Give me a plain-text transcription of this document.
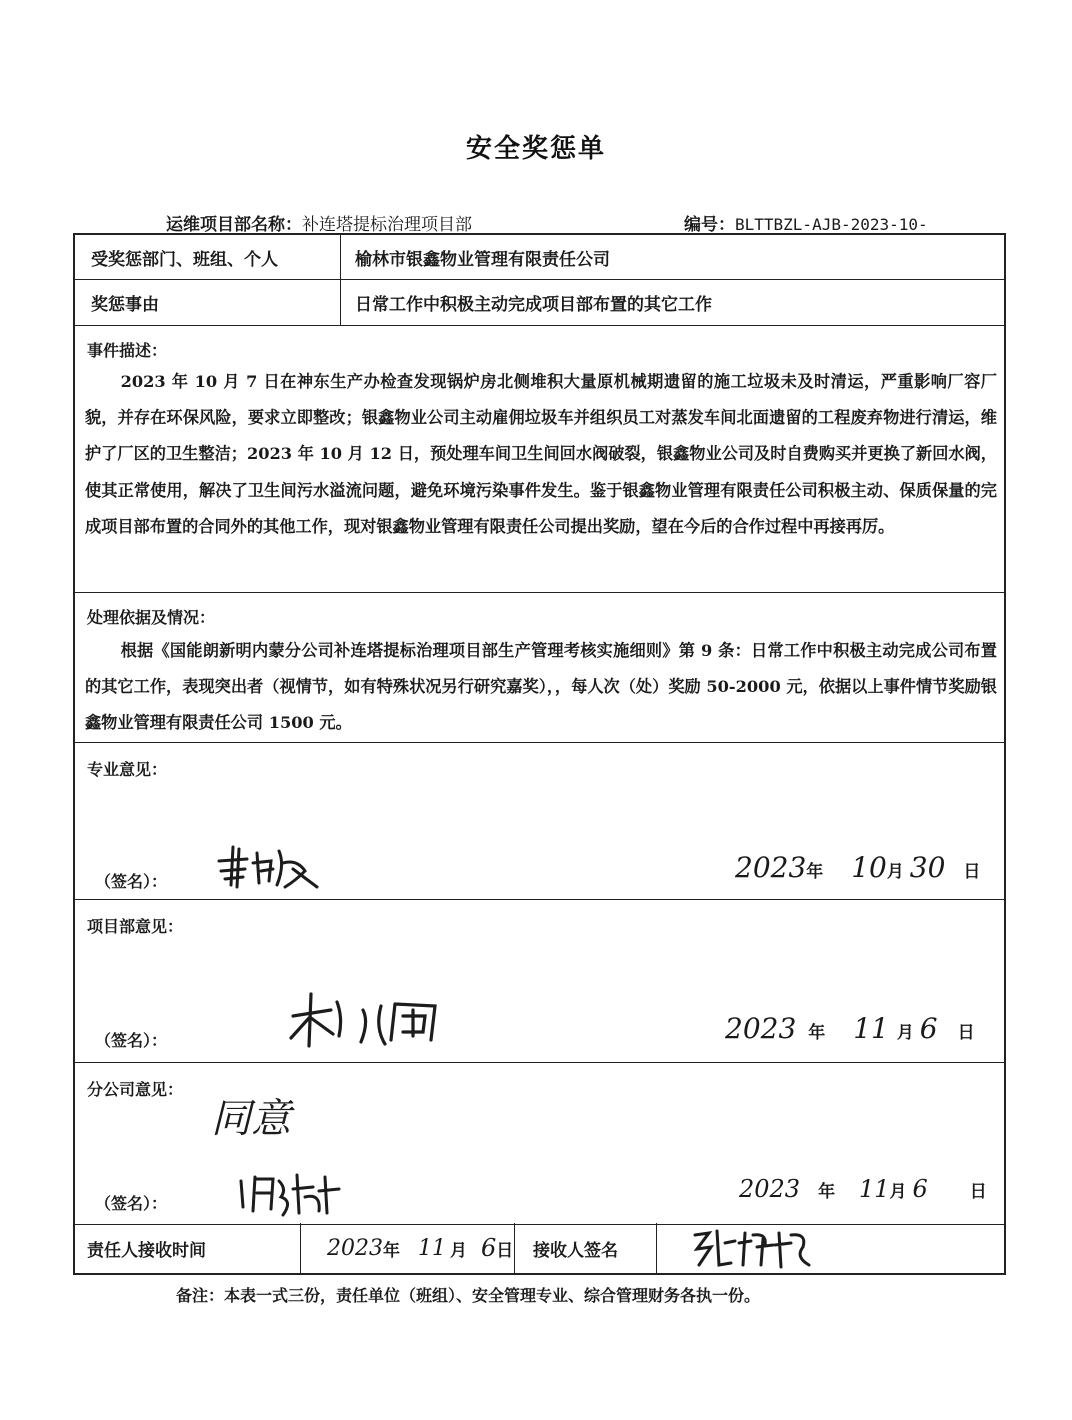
安全奖惩单
运维项目部名称：补连塔提标治理项目部	编号：BLTTBZL-AJB-2023-10-
受奖惩部门、班组、个人	榆林市银鑫物业管理有限责任公司
奖惩事由	日常工作中积极主动完成项目部布置的其它工作
事件描述：
2023 年 10 月 7 日在神东生产办检查发现锅炉房北侧堆积大量原机械期遗留的施工垃圾未及时清运，严重影响厂容厂貌，并存在环保风险，要求立即整改；银鑫物业公司主动雇佣垃圾车并组织员工对蒸发车间北面遗留的工程废弃物进行清运，维护了厂区的卫生整洁；2023 年 10 月 12 日，预处理车间卫生间回水阀破裂，银鑫物业公司及时自费购买并更换了新回水阀，使其正常使用，解决了卫生间污水溢流问题，避免环境污染事件发生。鉴于银鑫物业管理有限责任公司积极主动、保质保量的完成项目部布置的合同外的其他工作，现对银鑫物业管理有限责任公司提出奖励，望在今后的合作过程中再接再厉。
处理依据及情况：
根据《国能朗新明内蒙分公司补连塔提标治理项目部生产管理考核实施细则》第 9 条：日常工作中积极主动完成公司布置的其它工作，表现突出者（视情节，如有特殊状况另行研究嘉奖），，每人次（处）奖励 50-2000 元，依据以上事件情节奖励银鑫物业管理有限责任公司 1500 元。
专业意见：
（签名）：	2023年 10月 30 日
项目部意见：
（签名）：	2023 年 11 月 6 日
分公司意见：
同意
（签名）：
2023 年 11月 6 日
责任人接收时间	2023 年 11 月 6 日	接收人签名
备注：本表一式三份，责任单位（班组）、安全管理专业、综合管理财务各执一份。
